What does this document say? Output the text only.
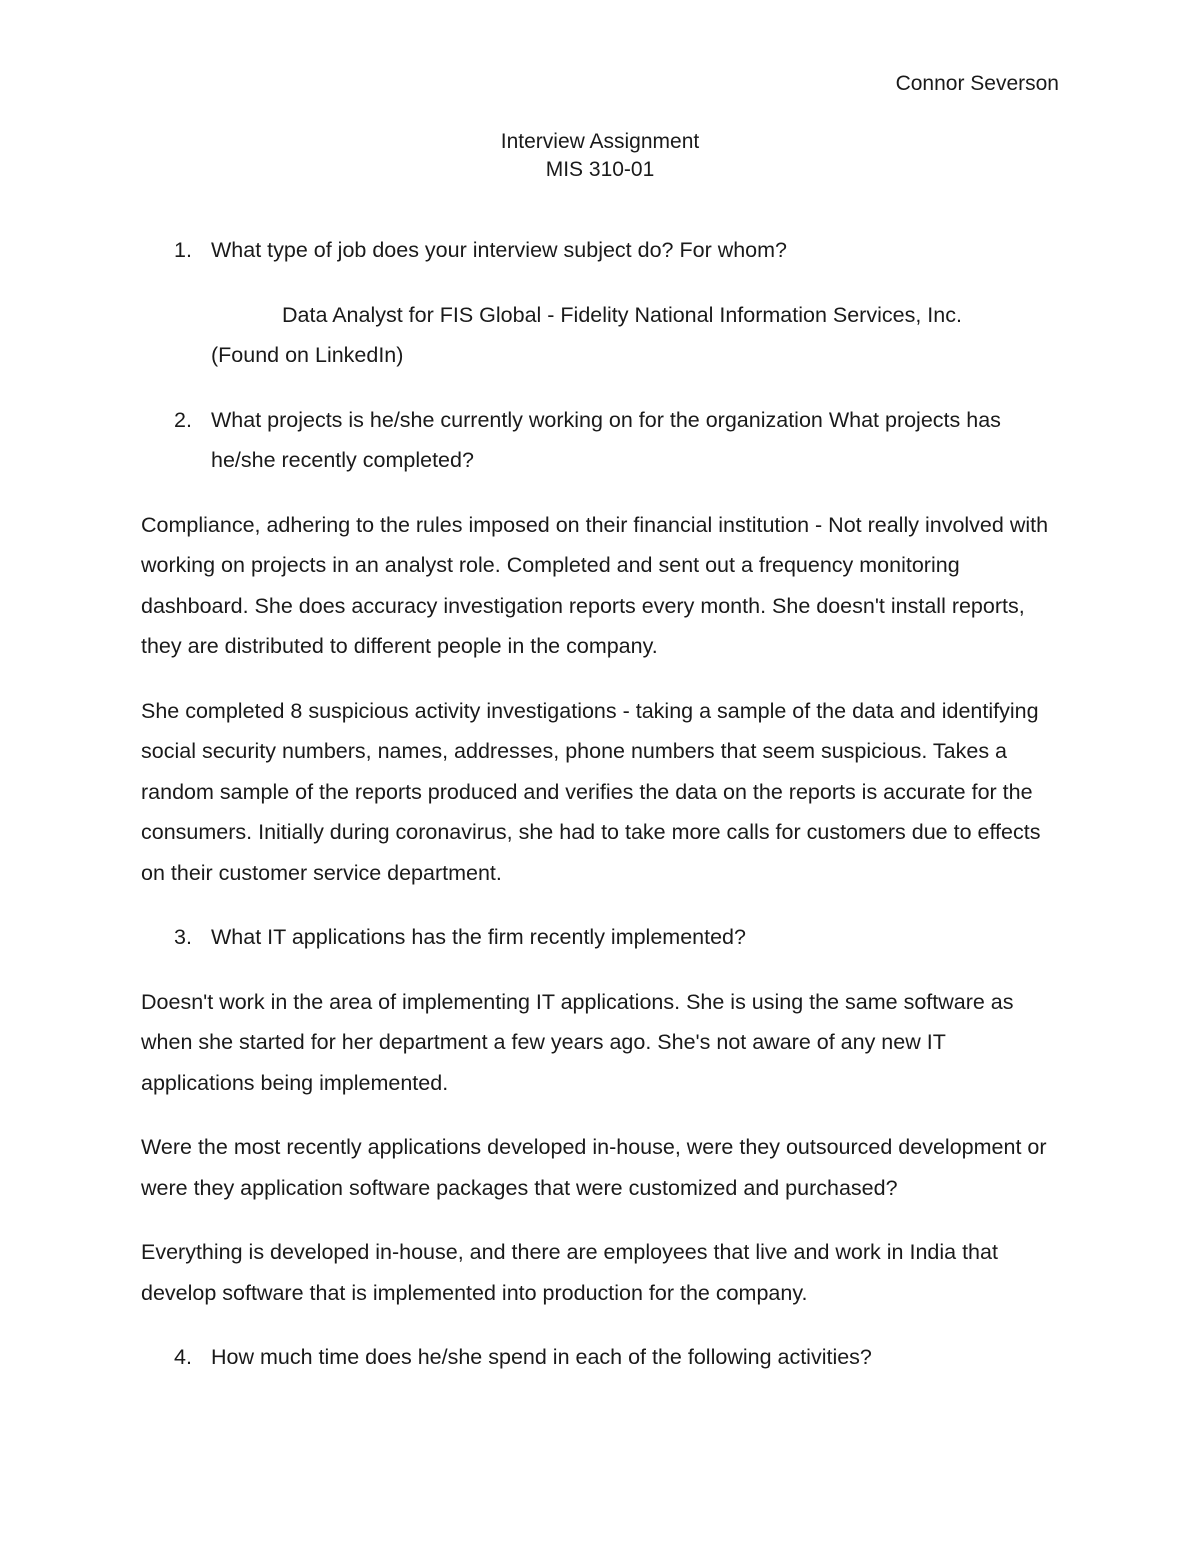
Connor Severson
Interview Assignment
MIS 310-01

1. What type of job does your interview subject do? For whom?

Data Analyst for FIS Global - Fidelity National Information Services, Inc.
(Found on LinkedIn)

2. What projects is he/she currently working on for the organization What projects has he/she recently completed?

Compliance, adhering to the rules imposed on their financial institution - Not really involved with working on projects in an analyst role. Completed and sent out a frequency monitoring dashboard. She does accuracy investigation reports every month. She doesn't install reports, they are distributed to different people in the company.

She completed 8 suspicious activity investigations - taking a sample of the data and identifying social security numbers, names, addresses, phone numbers that seem suspicious. Takes a random sample of the reports produced and verifies the data on the reports is accurate for the consumers. Initially during coronavirus, she had to take more calls for customers due to effects on their customer service department.

3. What IT applications has the firm recently implemented?

Doesn't work in the area of implementing IT applications. She is using the same software as when she started for her department a few years ago. She's not aware of any new IT applications being implemented.

Were the most recently applications developed in-house, were they outsourced development or were they application software packages that were customized and purchased?

Everything is developed in-house, and there are employees that live and work in India that develop software that is implemented into production for the company.

4. How much time does he/she spend in each of the following activities?
